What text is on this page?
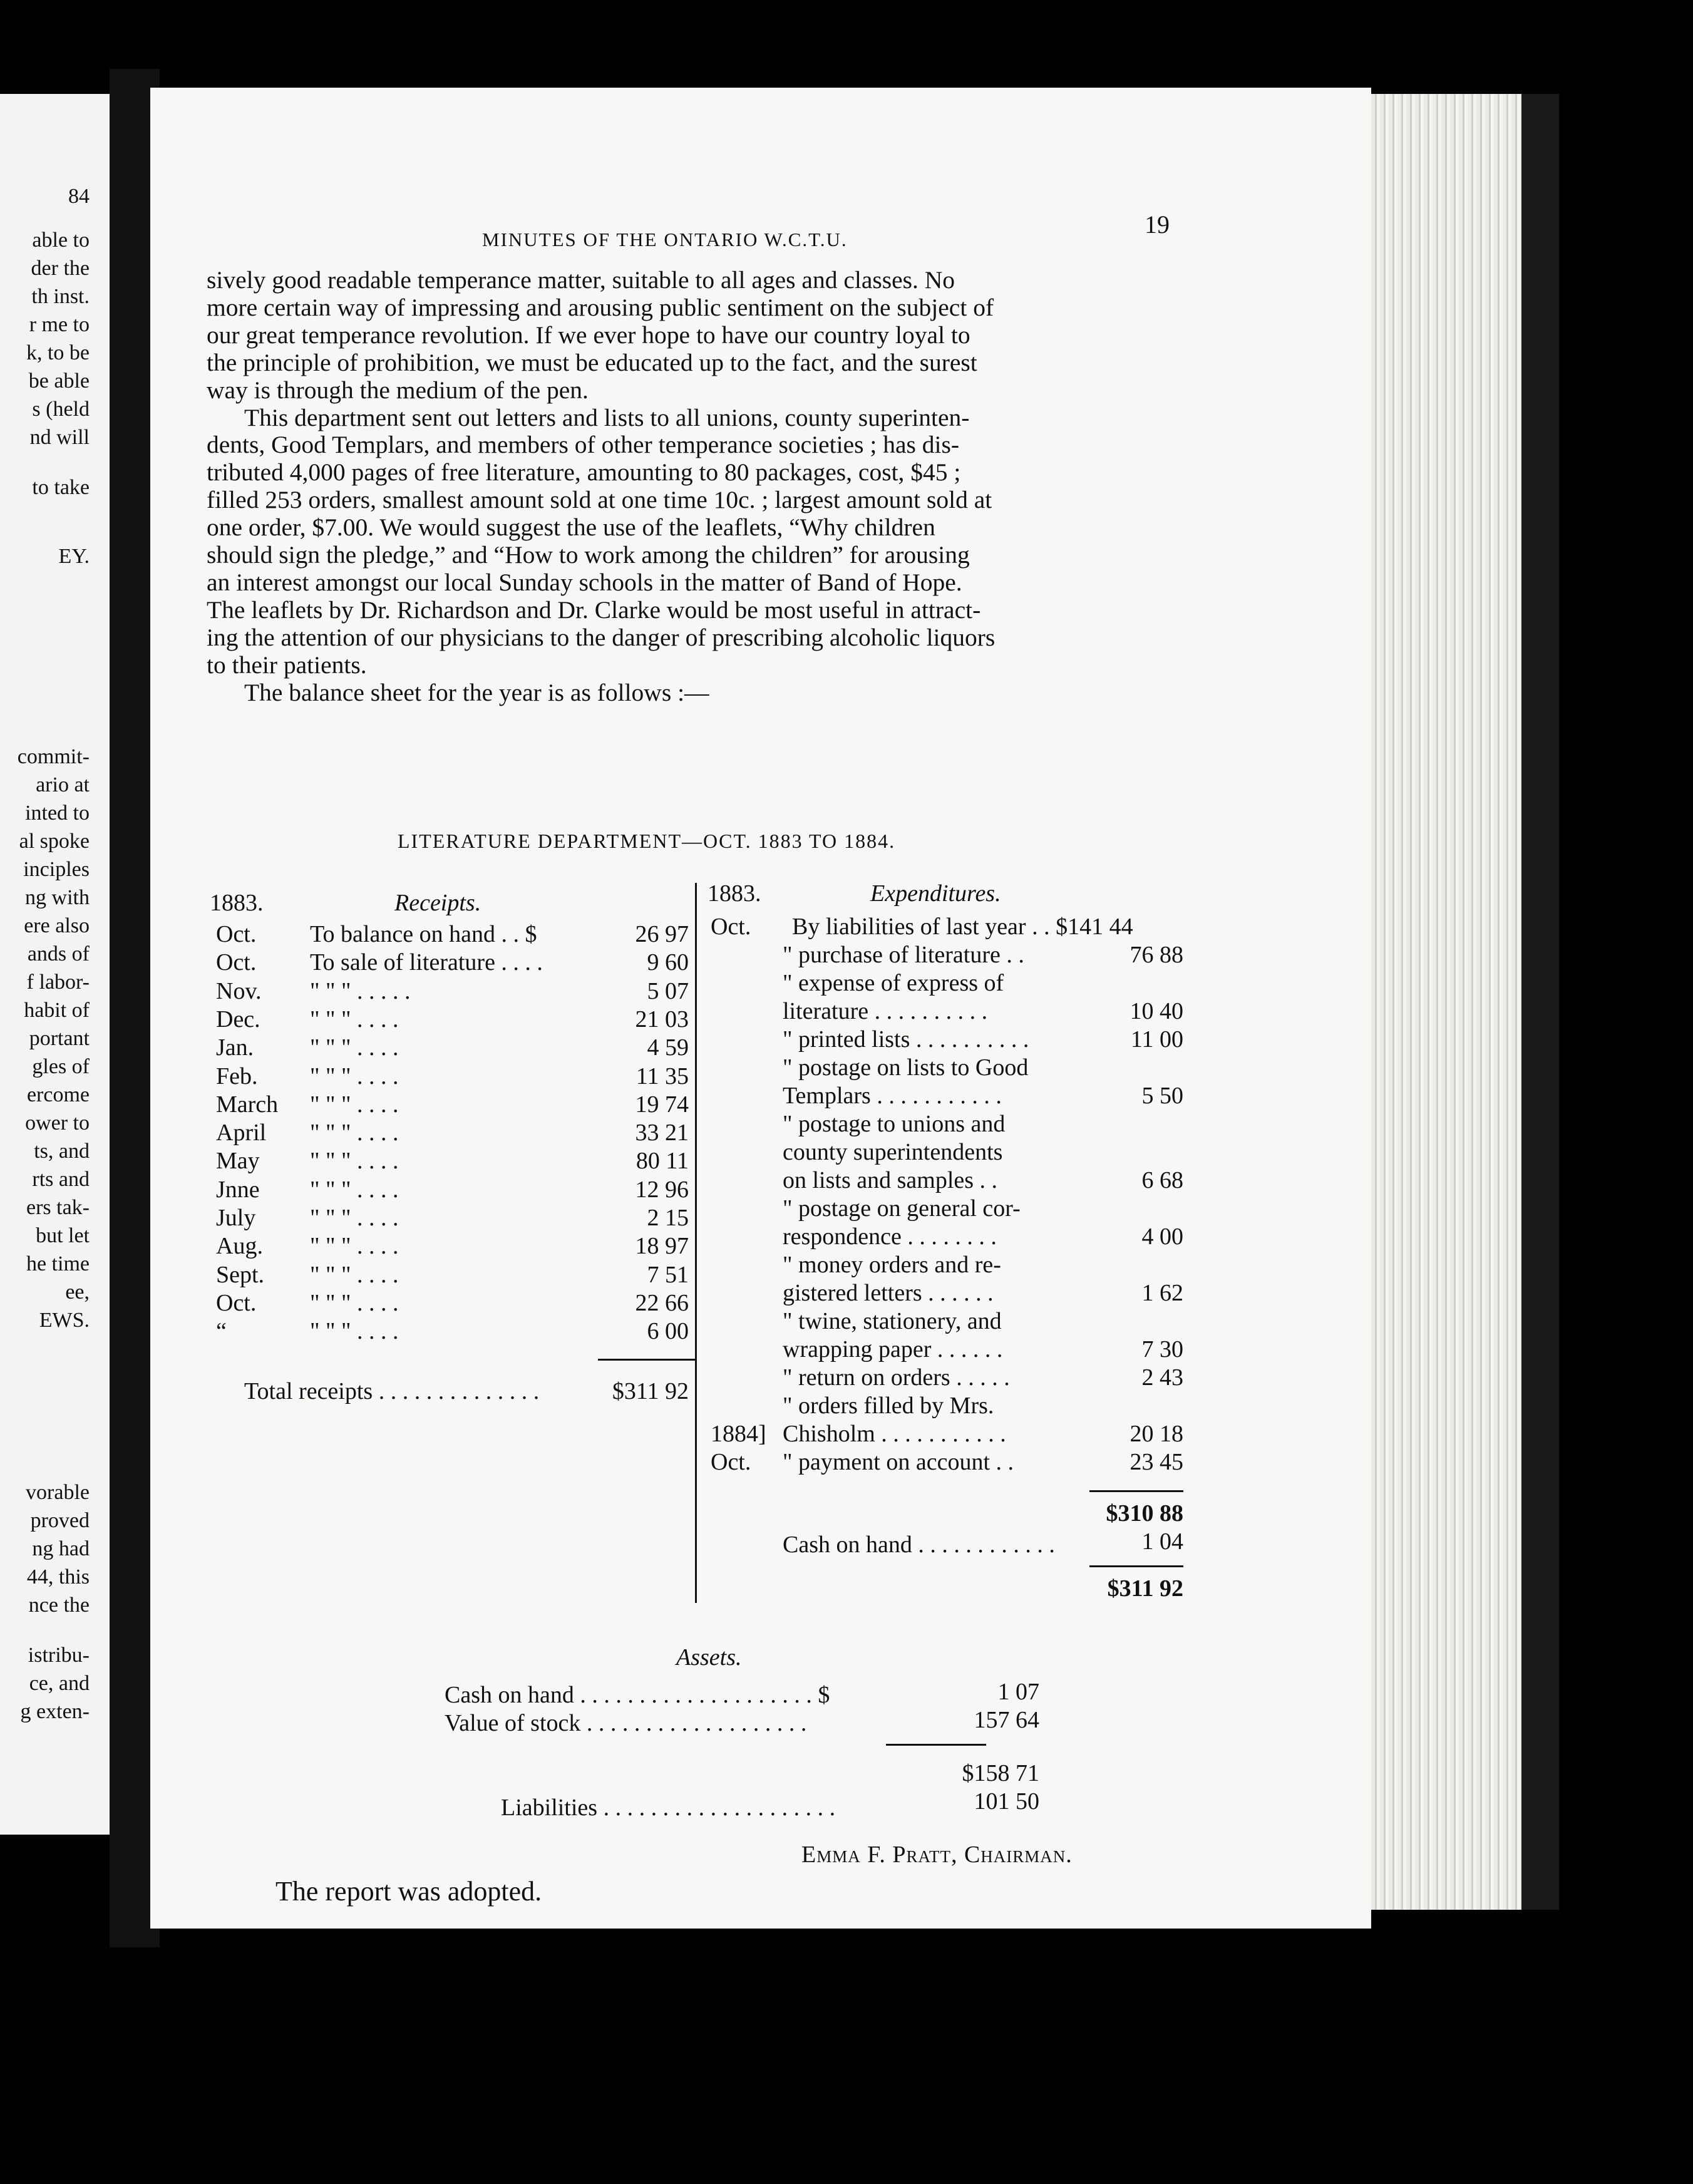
84
able to
der the
th inst.
r me to
k, to be
be able
s (held
nd will
to take
EY.
commit-
ario at
inted to
al spoke
inciples
ng with
ere also
ands of
f labor-
habit of
portant
gles of
ercome
ower to
ts, and
rts and
ers tak-
but let
he time
ee,
EWS.
vorable
proved
ng had
44, this
nce the
istribu-
ce, and
g exten-
MINUTES OF THE ONTARIO W.C.T.U.
19
sively good readable temperance matter, suitable to all ages and classes. No
more certain way of impressing and arousing public sentiment on the subject of
our great temperance revolution. If we ever hope to have our country loyal to
the principle of prohibition, we must be educated up to the fact, and the surest
way is through the medium of the pen.
This department sent out letters and lists to all unions, county superinten-
dents, Good Templars, and members of other temperance societies ; has dis-
tributed 4,000 pages of free literature, amounting to 80 packages, cost, $45 ;
filled 253 orders, smallest amount sold at one time 10c. ; largest amount sold at
one order, $7.00. We would suggest the use of the leaflets, “Why children
should sign the pledge,” and “How to work among the children” for arousing
an interest amongst our local Sunday schools in the matter of Band of Hope.
The leaflets by Dr. Richardson and Dr. Clarke would be most useful in attract-
ing the attention of our physicians to the danger of prescribing alcoholic liquors
to their patients.
The balance sheet for the year is as follows :—
LITERATURE DEPARTMENT—OCT. 1883 TO 1884.
1883.	Receipts.
Oct. To balance on hand . . $	26 97
Oct. To sale of literature . . . .	9 60
Nov. " " " . . . . .	5 07
Dec. " " " . . . .	21 03
Jan. " " " . . . .	4 59
Feb. " " " . . . .	11 35
March " " " . . . .	19 74
April " " " . . . .	33 21
May " " " . . . .	80 11
Jnne " " " . . . .	12 96
July " " " . . . .	2 15
Aug. " " " . . . .	18 97
Sept. " " " . . . .	7 51
Oct. " " " . . . .	22 66
“	" " " . . . .	6 00
Total receipts . . . . . . . . . . . . . .	$311 92
1883.	Expenditures.
Oct. By liabilities of last year . . $141 44
" purchase of literature . .	76 88
" expense of express of
literature . . . . . . . . . .	10 40
" printed lists . . . . . . . . . .	11 00
" postage on lists to Good
Templars . . . . . . . . . . .	5 50
" postage to unions and
county superintendents
on lists and samples . .	6 68
" postage on general cor-
respondence . . . . . . . .	4 00
" money orders and re-
gistered letters . . . . . .	1 62
" twine, stationery, and
wrapping paper . . . . . .	7 30
" return on orders . . . . .	2 43
" orders filled by Mrs.
1884] Chisholm . . . . . . . . . . .	20 18
Oct. " payment on account . .	23 45
$310 88
Cash on hand . . . . . . . . . . . .	1 04
$311 92
Assets.
Cash on hand . . . . . . . . . . . . . . . . . . . . $	1 07
Value of stock . . . . . . . . . . . . . . . . . . .	157 64
$158 71
Liabilities . . . . . . . . . . . . . . . . . . . .	101 50
Emma F. Pratt, Chairman.
The report was adopted.
